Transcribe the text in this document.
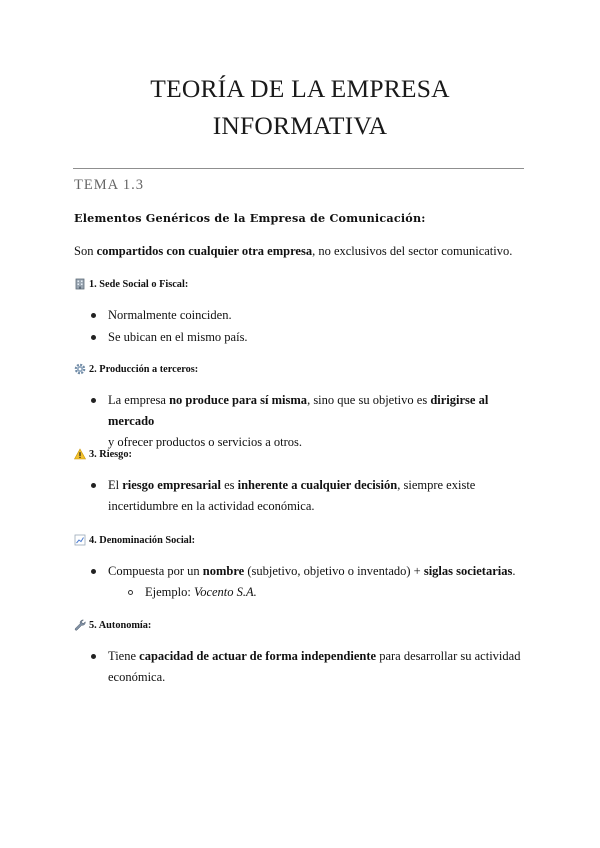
TEORÍA DE LA EMPRESA
INFORMATIVA
TEMA 1.3
Elementos Genéricos de la Empresa de Comunicación:
Son compartidos con cualquier otra empresa, no exclusivos del sector comunicativo.
1. Sede Social o Fiscal:
Normalmente coinciden.
Se ubican en el mismo país.
2. Producción a terceros:
La empresa no produce para sí misma, sino que su objetivo es dirigirse al mercado
y ofrecer productos o servicios a otros.
3. Riesgo:
El riesgo empresarial es inherente a cualquier decisión, siempre existe
incertidumbre en la actividad económica.
4. Denominación Social:
Compuesta por un nombre (subjetivo, objetivo o inventado) + siglas societarias.
Ejemplo: Vocento S.A.
5. Autonomía:
Tiene capacidad de actuar de forma independiente para desarrollar su actividad
económica.
